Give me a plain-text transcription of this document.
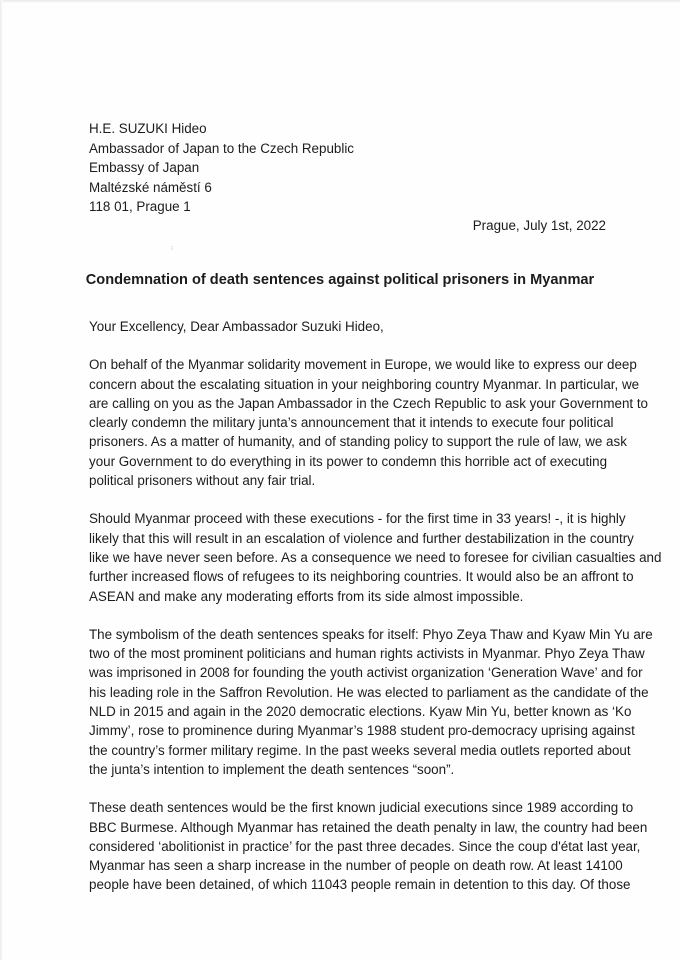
H.E. SUZUKI Hideo
Ambassador of Japan to the Czech Republic
Embassy of Japan
Maltézské náměstí 6
118 01, Prague 1
Prague, July 1st, 2022
⁝
Condemnation of death sentences against political prisoners in Myanmar

Your Excellency, Dear Ambassador Suzuki Hideo,

On behalf of the Myanmar solidarity movement in Europe, we would like to express our deep
concern about the escalating situation in your neighboring country Myanmar. In particular, we
are calling on you as the Japan Ambassador in the Czech Republic to ask your Government to
clearly condemn the military junta’s announcement that it intends to execute four political
prisoners. As a matter of humanity, and of standing policy to support the rule of law, we ask
your Government to do everything in its power to condemn this horrible act of executing
political prisoners without any fair trial.

Should Myanmar proceed with these executions - for the first time in 33 years! -, it is highly
likely that this will result in an escalation of violence and further destabilization in the country
like we have never seen before. As a consequence we need to foresee for civilian casualties and
further increased flows of refugees to its neighboring countries. It would also be an affront to
ASEAN and make any moderating efforts from its side almost impossible.

The symbolism of the death sentences speaks for itself: Phyo Zeya Thaw and Kyaw Min Yu are
two of the most prominent politicians and human rights activists in Myanmar. Phyo Zeya Thaw
was imprisoned in 2008 for founding the youth activist organization ‘Generation Wave’ and for
his leading role in the Saffron Revolution. He was elected to parliament as the candidate of the
NLD in 2015 and again in the 2020 democratic elections. Kyaw Min Yu, better known as ‘Ko
Jimmy’, rose to prominence during Myanmar’s 1988 student pro-democracy uprising against
the country’s former military regime. In the past weeks several media outlets reported about
the junta’s intention to implement the death sentences “soon”.

These death sentences would be the first known judicial executions since 1989 according to
BBC Burmese. Although Myanmar has retained the death penalty in law, the country had been
considered ‘abolitionist in practice’ for the past three decades. Since the coup d'état last year,
Myanmar has seen a sharp increase in the number of people on death row. At least 14100
people have been detained, of which 11043 people remain in detention to this day. Of those
